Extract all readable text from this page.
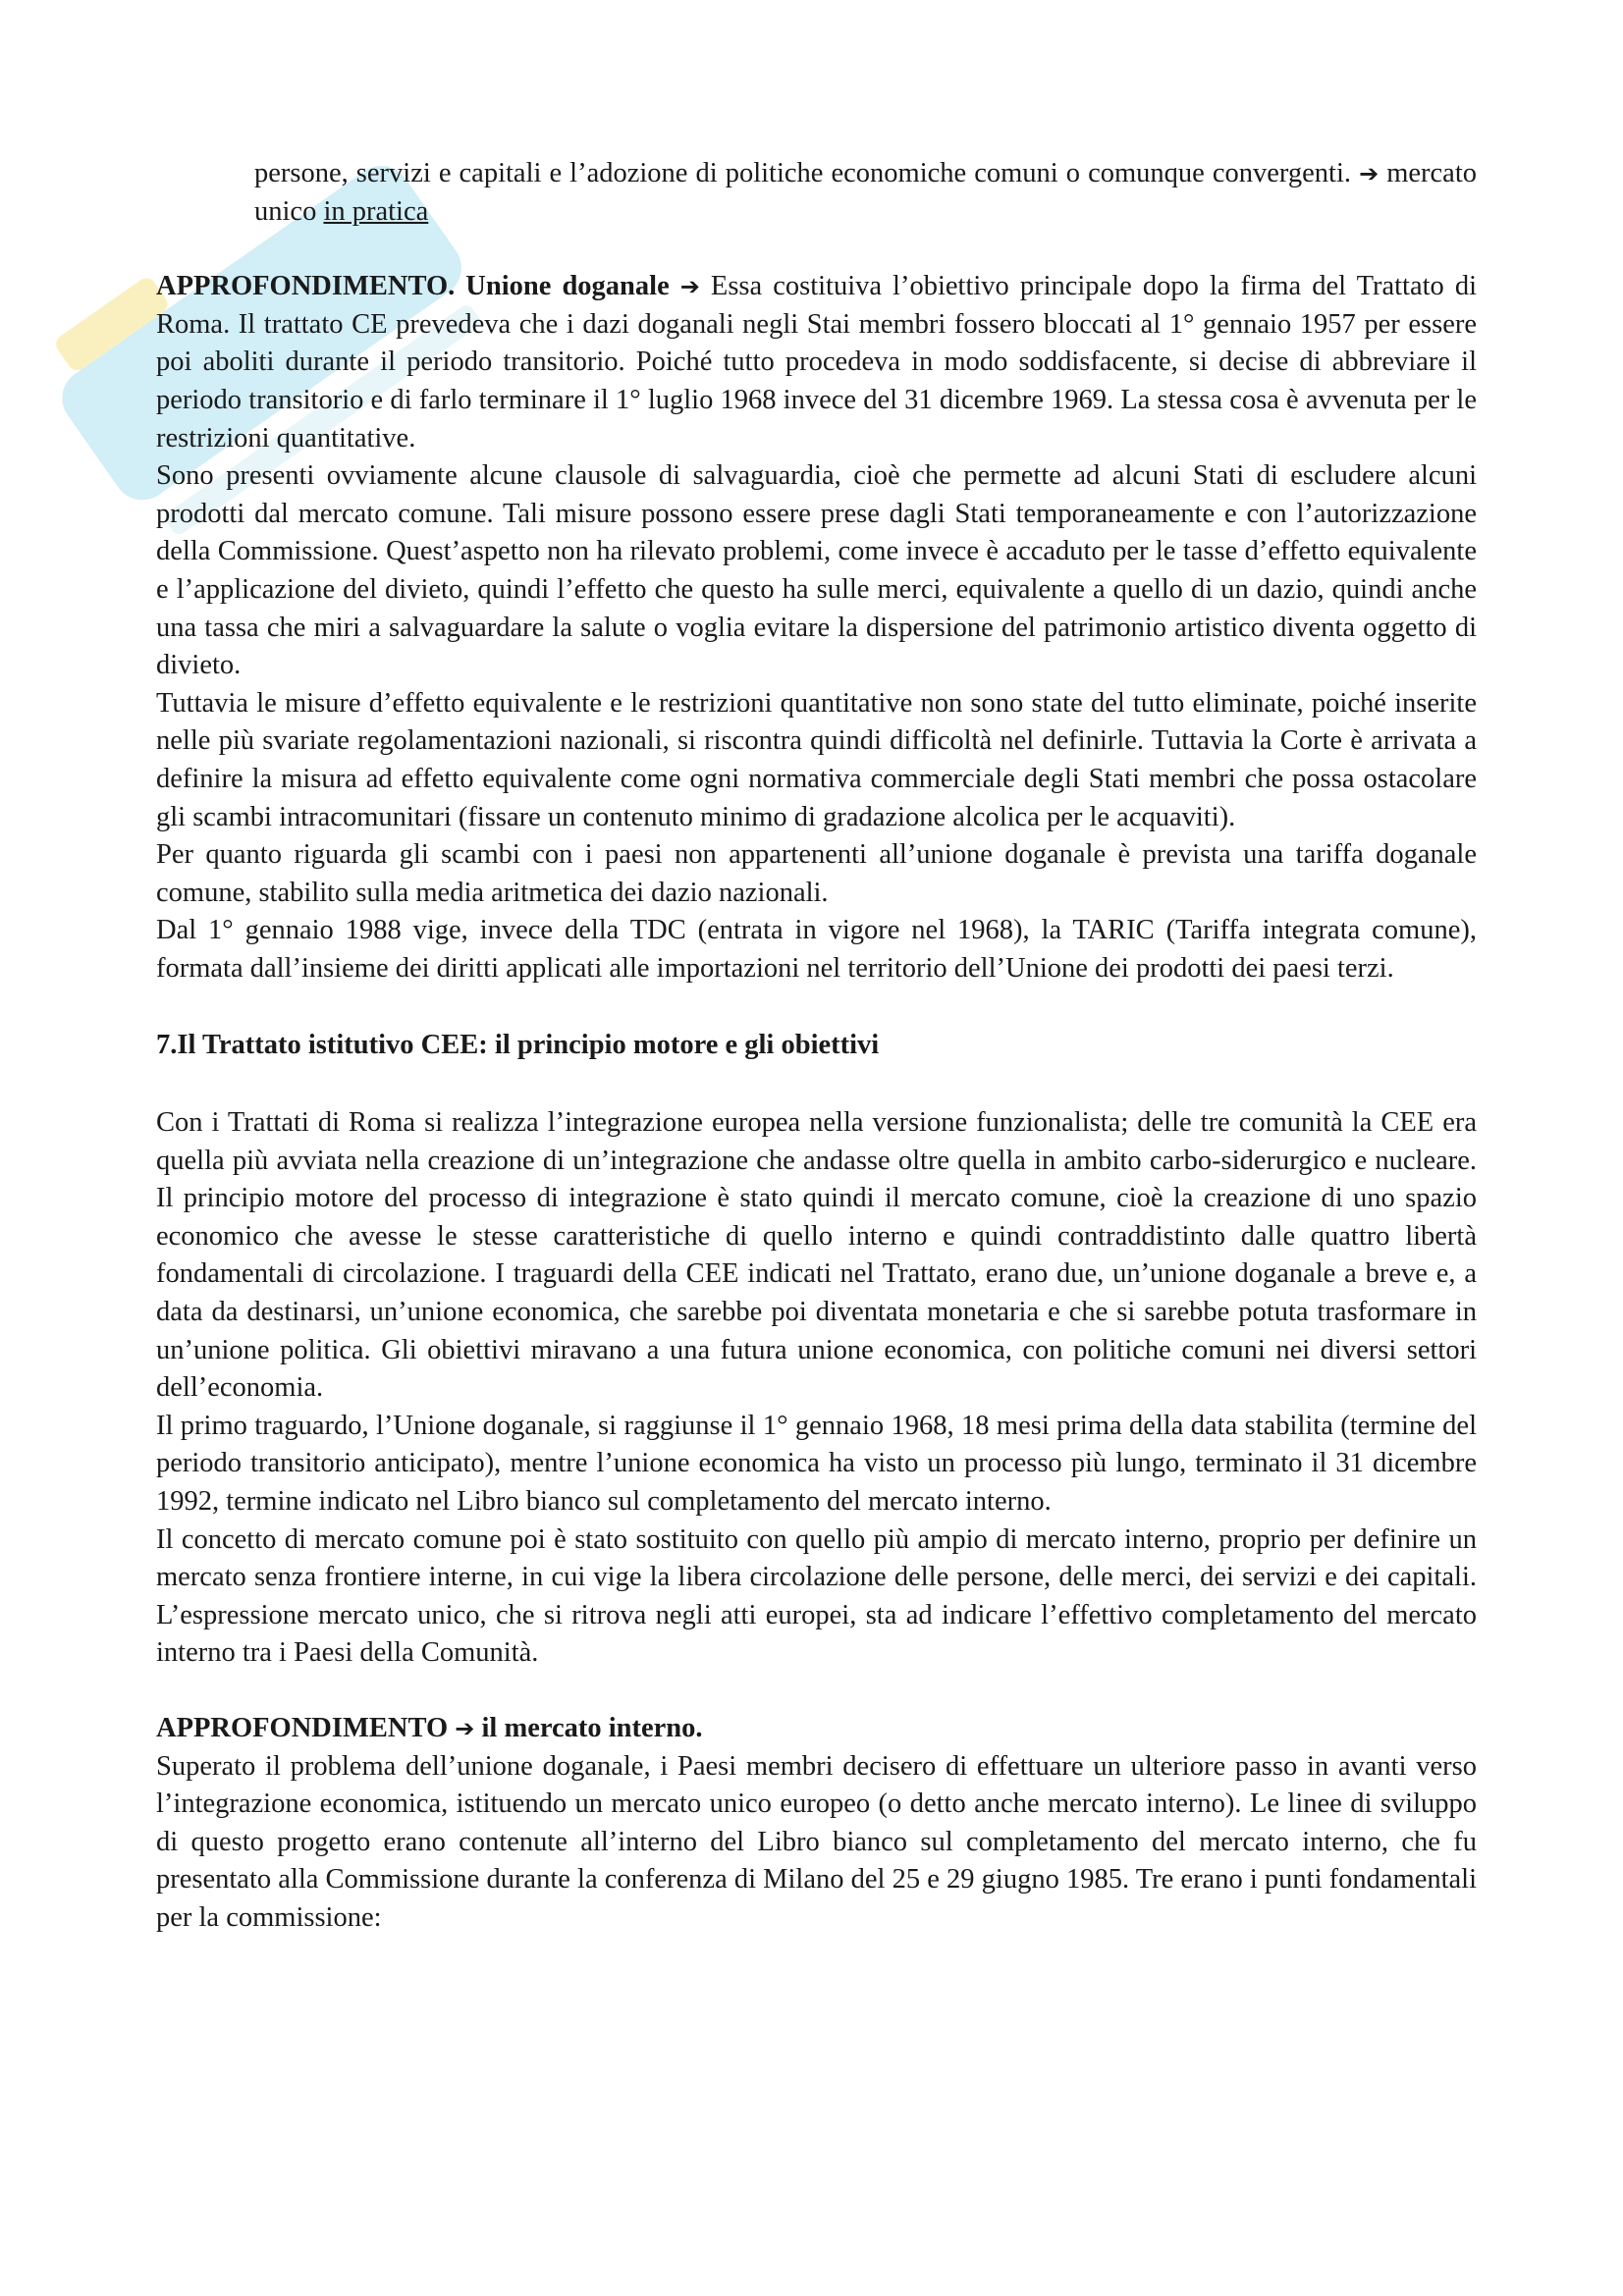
persone, servizi e capitali e l’adozione di politiche economiche comuni o comunque convergenti. ➔ mercato unico in pratica

APPROFONDIMENTO. Unione doganale ➔ Essa costituiva l’obiettivo principale dopo la firma del Trattato di Roma. Il trattato CE prevedeva che i dazi doganali negli Stai membri fossero bloccati al 1° gennaio 1957 per essere poi aboliti durante il periodo transitorio. Poiché tutto procedeva in modo soddisfacente, si decise di abbreviare il periodo transitorio e di farlo terminare il 1° luglio 1968 invece del 31 dicembre 1969. La stessa cosa è avvenuta per le restrizioni quantitative.

Sono presenti ovviamente alcune clausole di salvaguardia, cioè che permette ad alcuni Stati di escludere alcuni prodotti dal mercato comune. Tali misure possono essere prese dagli Stati temporaneamente e con l’autorizzazione della Commissione. Quest’aspetto non ha rilevato problemi, come invece è accaduto per le tasse d’effetto equivalente e l’applicazione del divieto, quindi l’effetto che questo ha sulle merci, equivalente a quello di un dazio, quindi anche una tassa che miri a salvaguardare la salute o voglia evitare la dispersione del patrimonio artistico diventa oggetto di divieto.

Tuttavia le misure d’effetto equivalente e le restrizioni quantitative non sono state del tutto eliminate, poiché inserite nelle più svariate regolamentazioni nazionali, si riscontra quindi difficoltà nel definirle. Tuttavia la Corte è arrivata a definire la misura ad effetto equivalente come ogni normativa commerciale degli Stati membri che possa ostacolare gli scambi intracomunitari (fissare un contenuto minimo di gradazione alcolica per le acquaviti).

Per quanto riguarda gli scambi con i paesi non appartenenti all’unione doganale è prevista una tariffa doganale comune, stabilito sulla media aritmetica dei dazio nazionali.

Dal 1° gennaio 1988 vige, invece della TDC (entrata in vigore nel 1968), la TARIC (Tariffa integrata comune), formata dall’insieme dei diritti applicati alle importazioni nel territorio dell’Unione dei prodotti dei paesi terzi.

7.Il Trattato istitutivo CEE: il principio motore e gli obiettivi

Con i Trattati di Roma si realizza l’integrazione europea nella versione funzionalista; delle tre comunità la CEE era quella più avviata nella creazione di un’integrazione che andasse oltre quella in ambito carbo-siderurgico e nucleare. Il principio motore del processo di integrazione è stato quindi il mercato comune, cioè la creazione di uno spazio economico che avesse le stesse caratteristiche di quello interno e quindi contraddistinto dalle quattro libertà fondamentali di circolazione. I traguardi della CEE indicati nel Trattato, erano due, un’unione doganale a breve e, a data da destinarsi, un’unione economica, che sarebbe poi diventata monetaria e che si sarebbe potuta trasformare in un’unione politica. Gli obiettivi miravano a una futura unione economica, con politiche comuni nei diversi settori dell’economia.

Il primo traguardo, l’Unione doganale, si raggiunse il 1° gennaio 1968, 18 mesi prima della data stabilita (termine del periodo transitorio anticipato), mentre l’unione economica ha visto un processo più lungo, terminato il 31 dicembre 1992, termine indicato nel Libro bianco sul completamento del mercato interno.

Il concetto di mercato comune poi è stato sostituito con quello più ampio di mercato interno, proprio per definire un mercato senza frontiere interne, in cui vige la libera circolazione delle persone, delle merci, dei servizi e dei capitali. L’espressione mercato unico, che si ritrova negli atti europei, sta ad indicare l’effettivo completamento del mercato interno tra i Paesi della Comunità.

APPROFONDIMENTO ➔ il mercato interno.

Superato il problema dell’unione doganale, i Paesi membri decisero di effettuare un ulteriore passo in avanti verso l’integrazione economica, istituendo un mercato unico europeo (o detto anche mercato interno). Le linee di sviluppo di questo progetto erano contenute all’interno del Libro bianco sul completamento del mercato interno, che fu presentato alla Commissione durante la conferenza di Milano del 25 e 29 giugno 1985. Tre erano i punti fondamentali per la commissione:
